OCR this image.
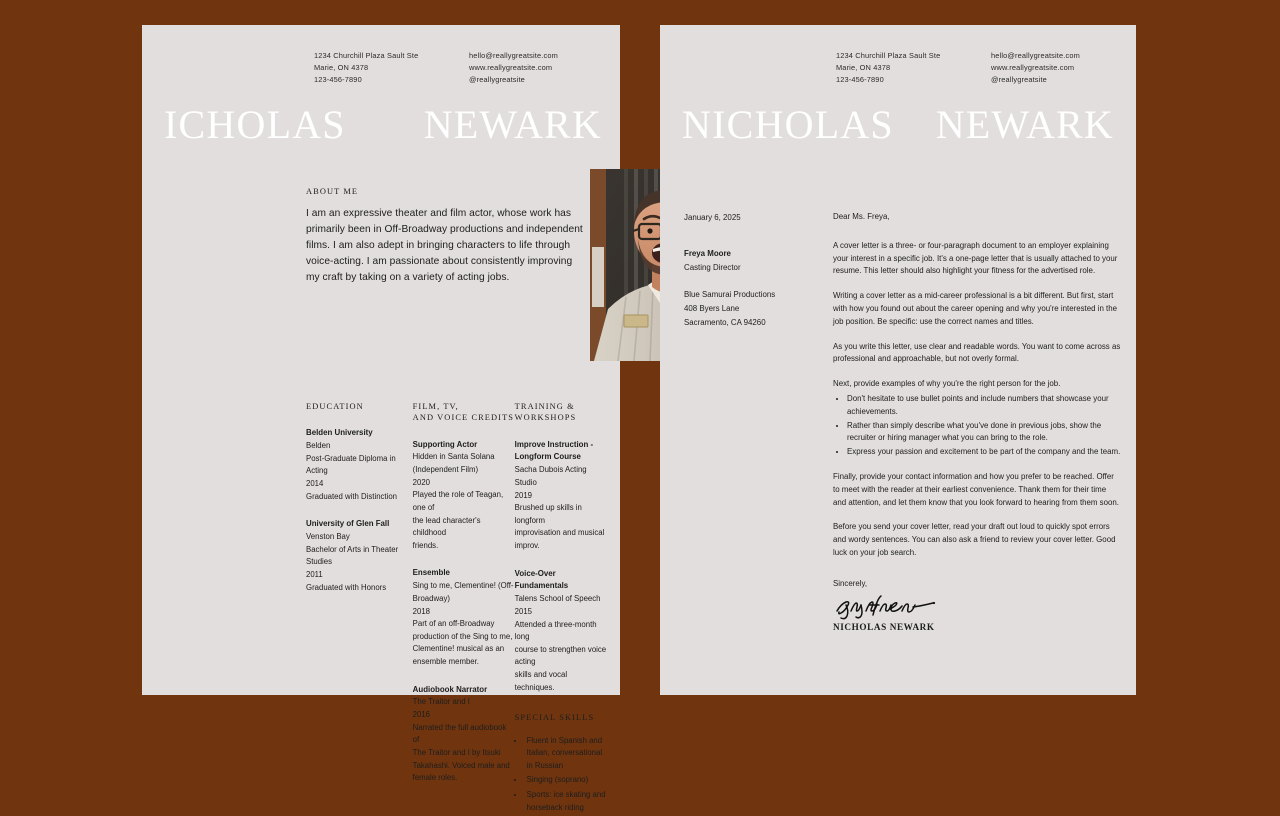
1234 Churchill Plaza Sault Ste
Marie, ON 4378
123-456-7890
hello@reallygreatsite.com
www.reallygreatsite.com
@reallygreatsite
ICHOLAS NEWARK
ABOUT ME
I am an expressive theater and film actor, whose work has primarily been in Off-Broadway productions and independent films. I am also adept in bringing characters to life through voice-acting. I am passionate about consistently improving my craft by taking on a variety of acting jobs.
EDUCATION
Belden University
Belden
Post-Graduate Diploma in
Acting
2014
Graduated with Distinction
University of Glen Fall
Venston Bay
Bachelor of Arts in Theater
Studies
2011
Graduated with Honors
FILM, TV,
AND VOICE CREDITS
Supporting Actor
Hidden in Santa Solana
(Independent Film)
2020
Played the role of Teagan, one of
the lead character's childhood
friends.
Ensemble
Sing to me, Clementine! (Off-
Broadway)
2018
Part of an off-Broadway
production of the Sing to me,
Clementine! musical as an
ensemble member.
Audiobook Narrator
The Traitor and I
2016
Narrated the full audiobook of
The Traitor and I by Itsuki
Takahashi. Voiced male and
female roles.
TRAINING & WORKSHOPS
Improve Instruction - Longform Course
Sacha Dubois Acting Studio
2019
Brushed up skills in longform
improvisation and musical
improv.
Voice-Over Fundamentals
Talens School of Speech
2015
Attended a three-month long
course to strengthen voice acting
skills and vocal techniques.
SPECIAL SKILLS
• Fluent in Spanish and Italian, conversational in Russian
• Singing (soprano)
• Sports: ice skating and horseback riding
1234 Churchill Plaza Sault Ste
Marie, ON 4378
123-456-7890
hello@reallygreatsite.com
www.reallygreatsite.com
@reallygreatsite
NICHOLAS NEWARK
January 6, 2025
Freya Moore
Casting Director
Blue Samurai Productions
408 Byers Lane
Sacramento, CA 94260

Dear Ms. Freya,

A cover letter is a three- or four-paragraph document to an employer explaining your interest in a specific job. It's a one-page letter that is usually attached to your resume. This letter should also highlight your fitness for the advertised role.

Writing a cover letter as a mid-career professional is a bit different. But first, start with how you found out about the career opening and why you're interested in the job position. Be specific: use the correct names and titles.

As you write this letter, use clear and readable words. You want to come across as professional and approachable, but not overly formal.

Next, provide examples of why you're the right person for the job.

• Don't hesitate to use bullet points and include numbers that showcase your achievements.
• Rather than simply describe what you've done in previous jobs, show the recruiter or hiring manager what you can bring to the role.
• Express your passion and excitement to be part of the company and the team.

Finally, provide your contact information and how you prefer to be reached. Offer to meet with the reader at their earliest convenience. Thank them for their time and attention, and let them know that you look forward to hearing from them soon.

Before you send your cover letter, read your draft out loud to quickly spot errors and wordy sentences. You can also ask a friend to review your cover letter. Good luck on your job search.

Sincerely,
NICHOLAS NEWARK
